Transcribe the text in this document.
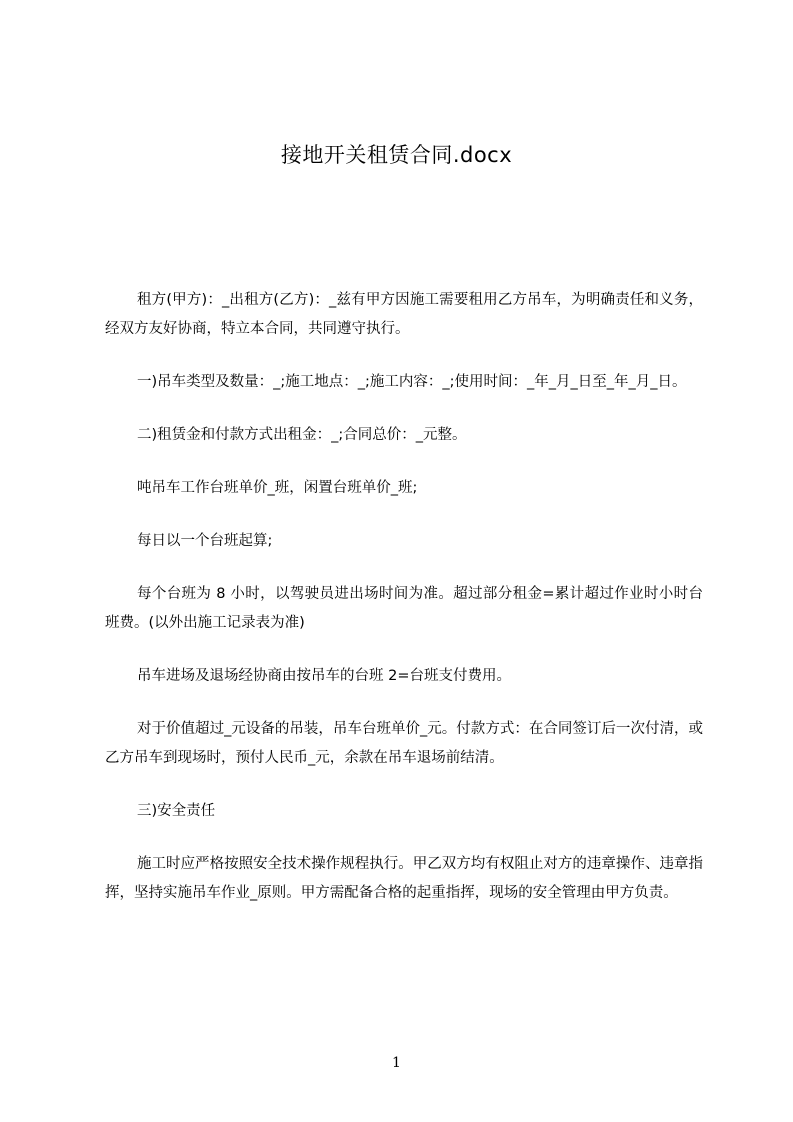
接地开关租赁合同.docx

租方(甲方)：_出租方(乙方)：_兹有甲方因施工需要租用乙方吊车，为明确责任和义务，经双方友好协商，特立本合同，共同遵守执行。

一)吊车类型及数量：_;施工地点：_;施工内容：_;使用时间：_年_月_日至_年_月_日。

二)租赁金和付款方式出租金：_;合同总价：_元整。

吨吊车工作台班单价_班，闲置台班单价_班;

每日以一个台班起算;

每个台班为 8 小时，以驾驶员进出场时间为准。超过部分租金=累计超过作业时小时台班费。(以外出施工记录表为准)

吊车进场及退场经协商由按吊车的台班 2=台班支付费用。

对于价值超过_元设备的吊装，吊车台班单价_元。付款方式：在合同签订后一次付清，或乙方吊车到现场时，预付人民币_元，余款在吊车退场前结清。

三)安全责任

施工时应严格按照安全技术操作规程执行。甲乙双方均有权阻止对方的违章操作、违章指挥，坚持实施吊车作业_原则。甲方需配备合格的起重指挥，现场的安全管理由甲方负责。

1
